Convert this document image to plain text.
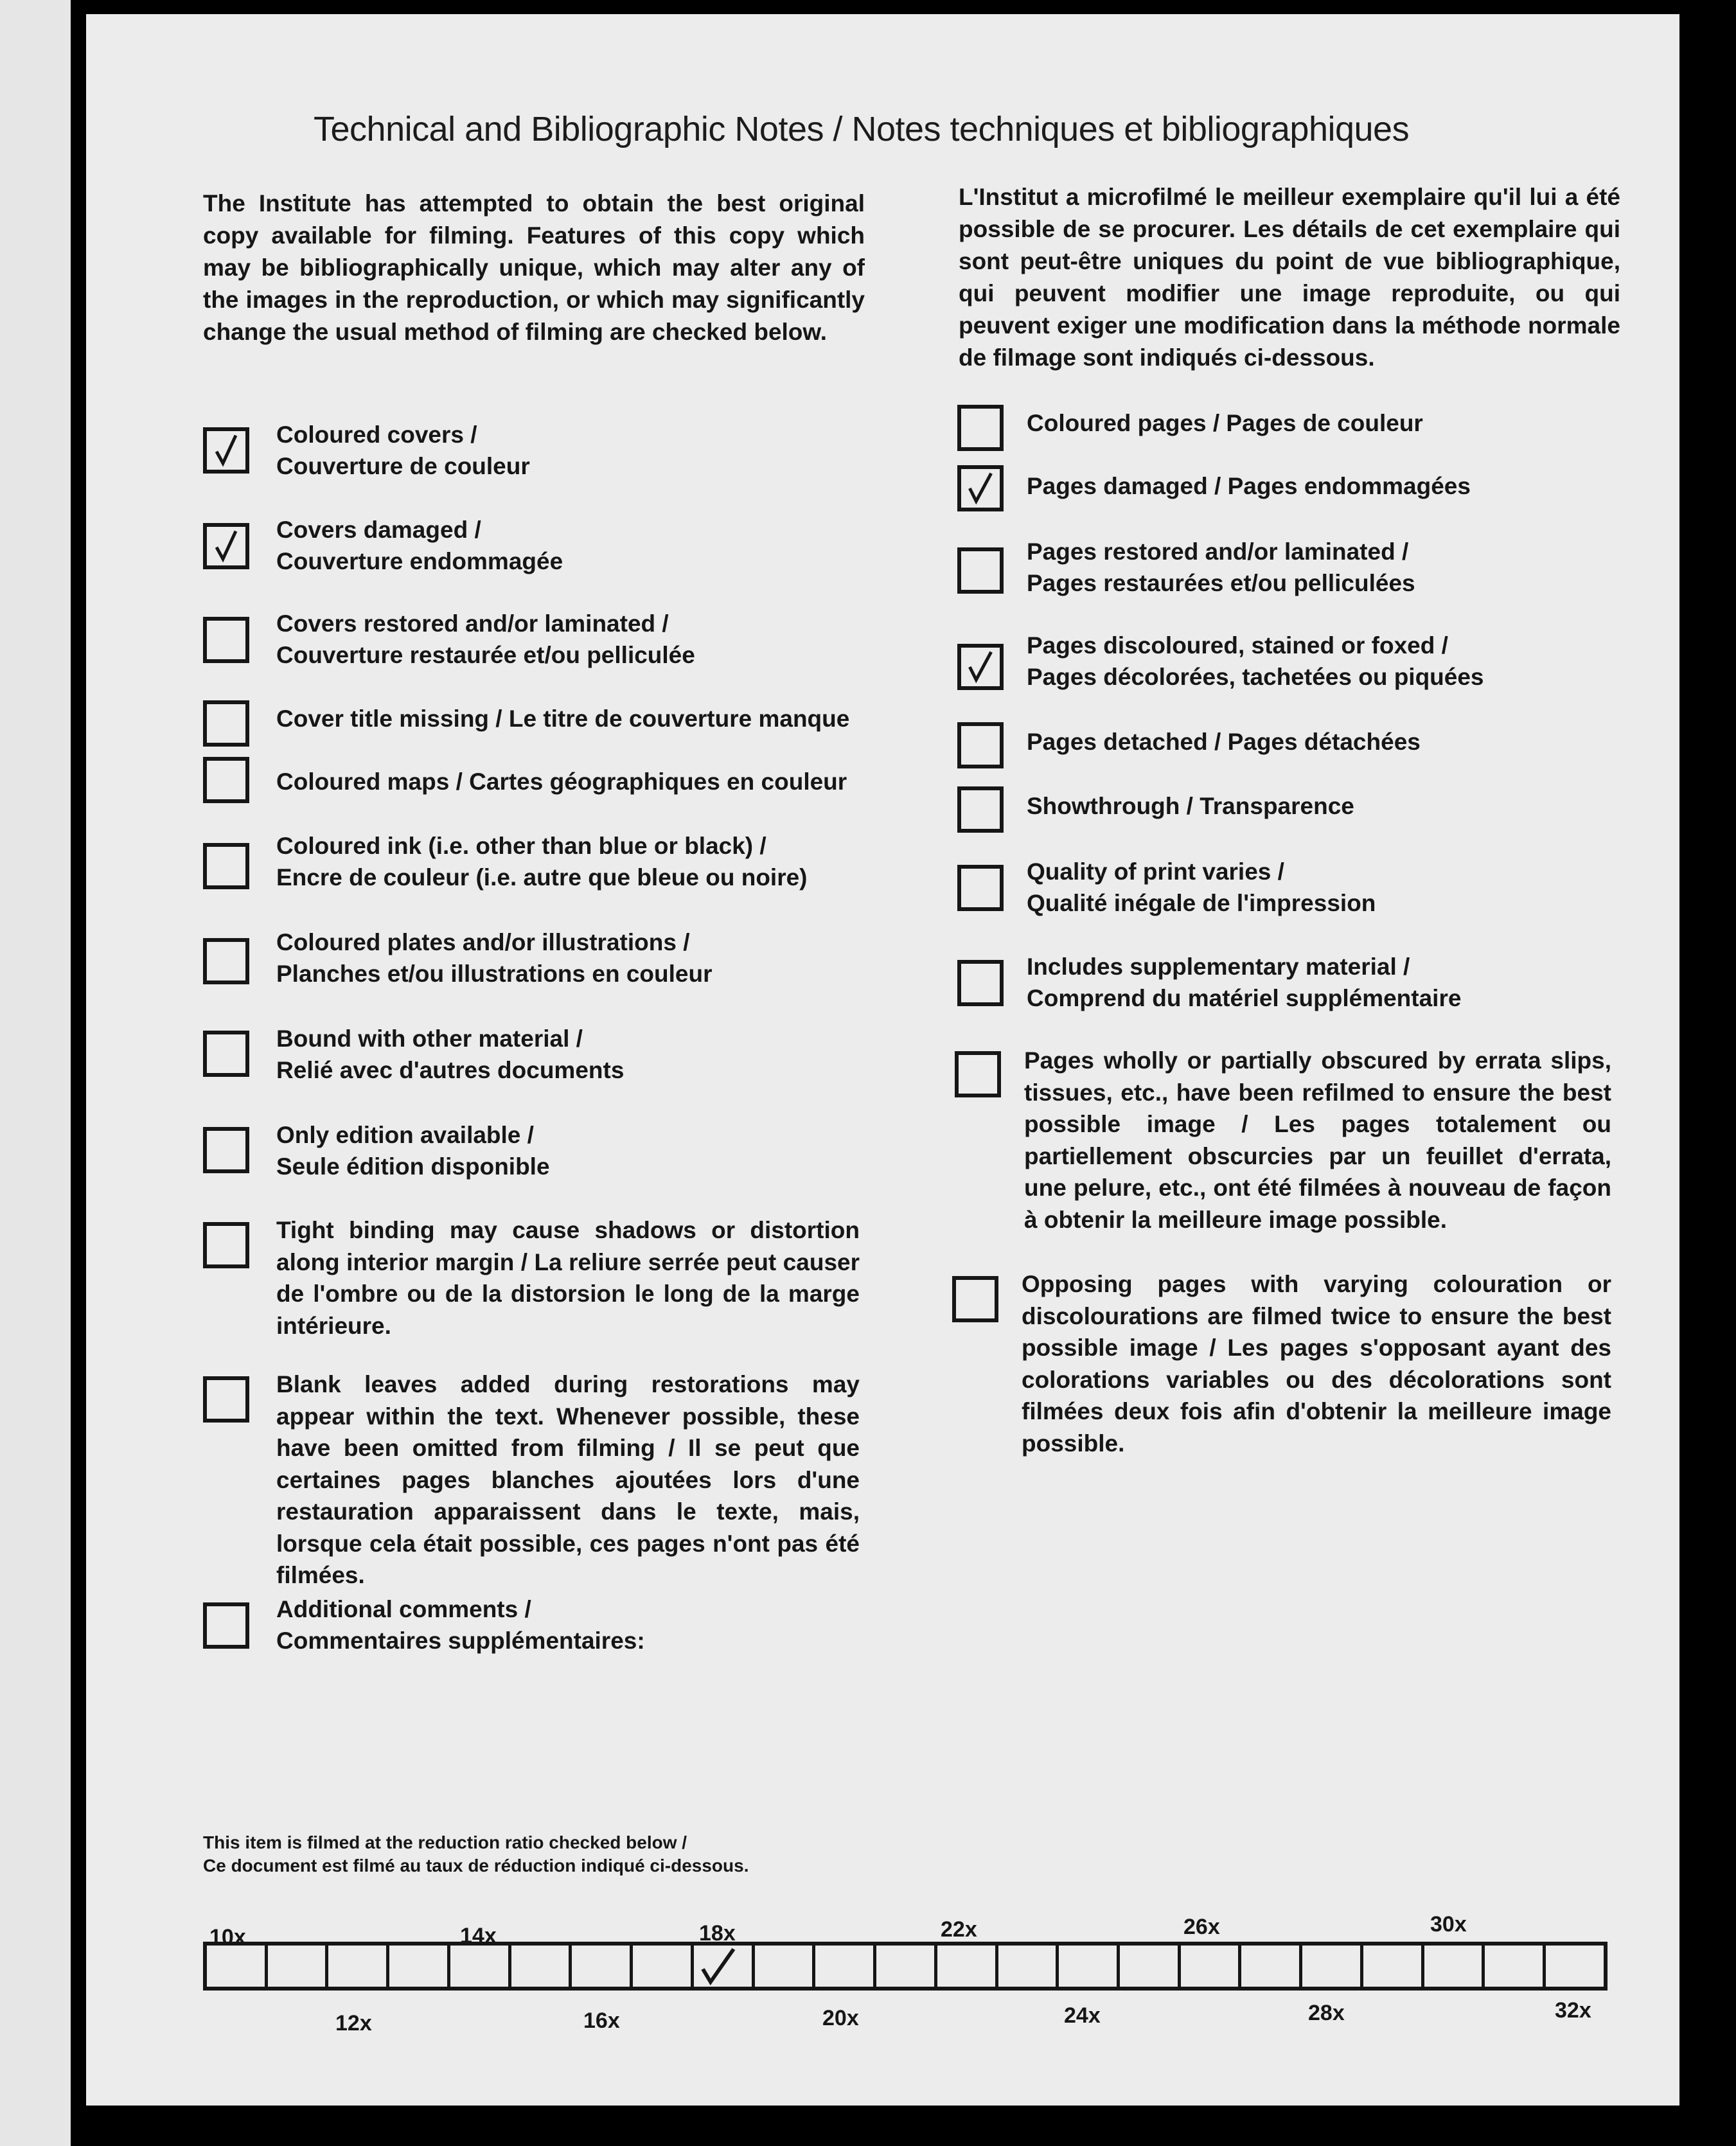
Technical and Bibliographic Notes / Notes techniques et bibliographiques
The Institute has attempted to obtain the best original copy available for filming. Features of this copy which may be bibliographically unique, which may alter any of the images in the reproduction, or which may significantly change the usual method of filming are checked below.
L'Institut a microfilmé le meilleur exemplaire qu'il lui a été possible de se procurer. Les détails de cet exemplaire qui sont peut-être uniques du point de vue bibliographique, qui peuvent modifier une image reproduite, ou qui peuvent exiger une modification dans la méthode normale de filmage sont indiqués ci-dessous.
Coloured covers /
Couverture de couleur
Covers damaged /
Couverture endommagée
Covers restored and/or laminated /
Couverture restaurée et/ou pelliculée
Cover title missing / Le titre de couverture manque
Coloured maps / Cartes géographiques en couleur
Coloured ink (i.e. other than blue or black) /
Encre de couleur (i.e. autre que bleue ou noire)
Coloured plates and/or illustrations /
Planches et/ou illustrations en couleur
Bound with other material /
Relié avec d'autres documents
Only edition available /
Seule édition disponible
Tight binding may cause shadows or distortion along interior margin / La reliure serrée peut causer de l'ombre ou de la distorsion le long de la marge intérieure.
Blank leaves added during restorations may appear within the text. Whenever possible, these have been omitted from filming / Il se peut que certaines pages blanches ajoutées lors d'une restauration apparaissent dans le texte, mais, lorsque cela était possible, ces pages n'ont pas été filmées.
Additional comments /
Commentaires supplémentaires:
Coloured pages / Pages de couleur
Pages damaged / Pages endommagées
Pages restored and/or laminated /
Pages restaurées et/ou pelliculées
Pages discoloured, stained or foxed /
Pages décolorées, tachetées ou piquées
Pages detached / Pages détachées
Showthrough / Transparence
Quality of print varies /
Qualité inégale de l'impression
Includes supplementary material /
Comprend du matériel supplémentaire
Pages wholly or partially obscured by errata slips, tissues, etc., have been refilmed to ensure the best possible image / Les pages totalement ou partiellement obscurcies par un feuillet d'errata, une pelure, etc., ont été filmées à nouveau de façon à obtenir la meilleure image possible.
Opposing pages with varying colouration or discolourations are filmed twice to ensure the best possible image / Les pages s'opposant ayant des colorations variables ou des décolorations sont filmées deux fois afin d'obtenir la meilleure image possible.
This item is filmed at the reduction ratio checked below /
Ce document est filmé au taux de réduction indiqué ci-dessous.
10x	14x	18x	22x	26x	30x
12x	16x	20x	24x	28x	32x
